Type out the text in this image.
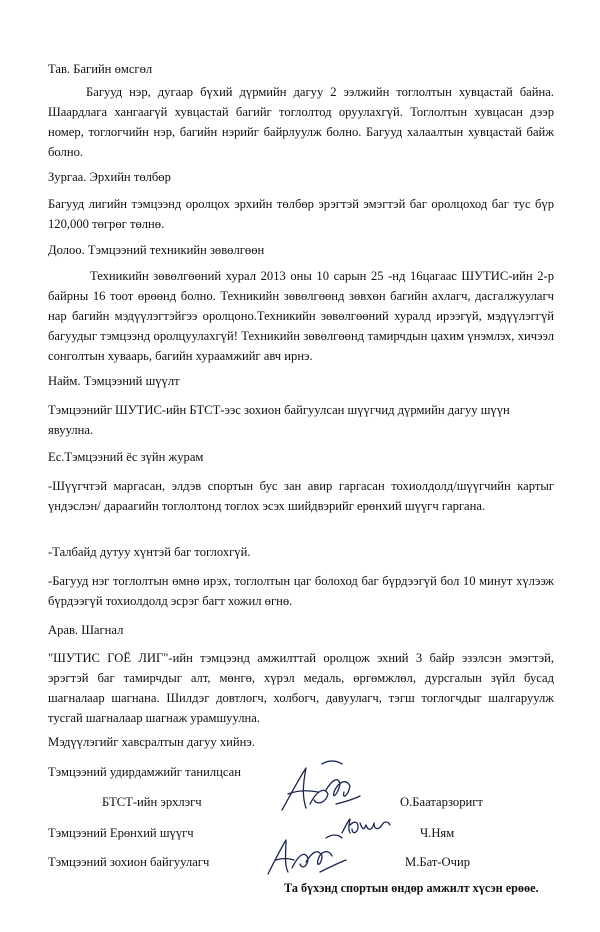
Тав. Багийн өмсгөл
Багууд нэр, дугаар бүхий дүрмийн дагуу 2 ээлжийн тоглолтын хувцастай байна. Шаардлага хангаагүй хувцастай багийг тоглолтод оруулахгүй. Тоглолтын хувцасан дээр номер, тоглогчийн нэр, багийн нэрийг байрлуулж болно. Багууд халаалтын хувцастай байж болно.
Зургаа. Эрхийн төлбөр
Багууд лигийн тэмцээнд оролцох эрхийн төлбөр эрэгтэй эмэгтэй баг оролцоход баг тус бүр 120,000 төгрөг төлнө.
Долоо. Тэмцээний техникийн зөвөлгөөн
Техникийн зөвөлгөөний хурал 2013 оны 10 сарын 25 -нд 16цагаас ШУТИС-ийн 2-р байрны 16 тоот өрөөнд болно. Техникийн зөвөлгөөнд зөвхөн багийн ахлагч, дасгалжуулагч нар багийн мэдүүлэгтэйгээ оролцоно.Техникийн зөвөлгөөний хуралд ирээгүй, мэдүүлэггүй багуудыг тэмцээнд оролцуулахгүй! Техникийн зөвөлгөөнд тамирчдын цахим үнэмлэх, хичээл сонголтын хуваарь, багийн хураамжийг авч ирнэ.
Найм. Тэмцээний шүүлт
Тэмцээнийг ШУТИС-ийн БТСТ-ээс зохион байгуулсан шүүгчид дүрмийн дагуу шүүн явуулна.
Ес.Тэмцээний ёс зүйн журам
-Шүүгчтэй маргасан, элдэв спортын бус зан авир гаргасан тохиолдолд/шүүгчийн картыг үндэслэн/ дараагийн тоглолтонд тоглох эсэх шийдвэрийг ерөнхий шүүгч гаргана.
-Талбайд дутуу хүнтэй баг тоглохгүй.
-Багууд нэг тоглолтын өмнө ирэх, тоглолтын цаг болоход баг бүрдээгүй бол 10 минут хүлээж бүрдээгүй тохиолдолд эсрэг багт хожил өгнө.
Арав. Шагнал
"ШУТИС ГОЁ ЛИГ"-ийн тэмцээнд амжилттай оролцож эхний 3 байр эзэлсэн эмэгтэй, эрэгтэй баг тамирчдыг алт, мөнгө, хүрэл медаль, өргөмжлөл, дурсгалын зүйл бусад шагналаар шагнана. Шилдэг довтлогч, холбогч, давуулагч, тэгш тоглогчдыг шалгаруулж тусгай шагналаар шагнаж урамшуулна.
Мэдүүлэгийг хавсралтын дагуу хийнэ.
Тэмцээний удирдамжийг танилцсан
БТСТ-ийн эрхлэгч	О.Баатарзоригт
Тэмцээний Ерөнхий шүүгч	Ч.Ням
Тэмцээний зохион байгуулагч	М.Бат-Очир
Та бүхэнд спортын өндөр амжилт хүсэн ерөөе.
